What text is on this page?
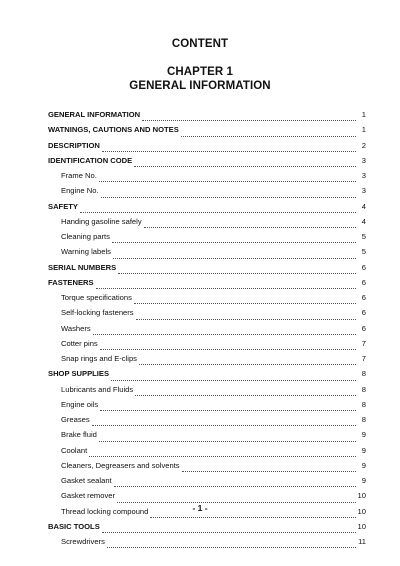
CONTENT
CHAPTER 1
GENERAL INFORMATION
GENERAL INFORMATION	1
WATNINGS, CAUTIONS AND NOTES	1
DESCRIPTION	2
IDENTIFICATION CODE	3
Frame No.	3
Engine No.	3
SAFETY	4
Handing gasoline safely	4
Cleaning parts	5
Warning labels	5
SERIAL NUMBERS	6
FASTENERS	6
Torque specifications	6
Self-locking fasteners	6
Washers	6
Cotter pins	7
Snap rings and E-clips	7
SHOP SUPPLIES	8
Lubricants and Fluids	8
Engine oils	8
Greases	8
Brake fluid	9
Coolant	9
Cleaners, Degreasers and solvents	9
Gasket sealant	9
Gasket remover	10
Thread locking compound	10
BASIC TOOLS	10
Screwdrivers	11
- 1 -
